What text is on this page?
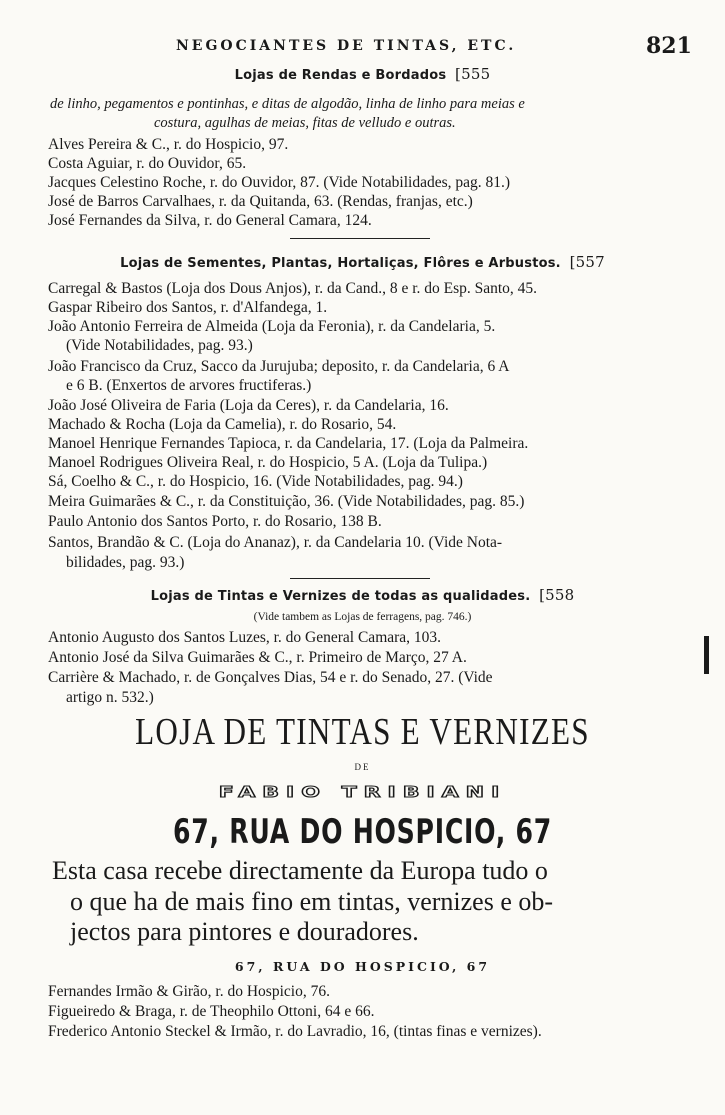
NEGOCIANTES DE TINTAS, ETC.	821
Lojas de Rendas e Bordados [555
de linho, pegamentos e pontinhas, e ditas de algodão, linha de linho para meias e
costura, agulhas de meias, fitas de velludo e outras.
Alves Pereira & C., r. do Hospicio, 97.
Costa Aguiar, r. do Ouvidor, 65.
Jacques Celestino Roche, r. do Ouvidor, 87. (Vide Notabilidades, pag. 81.)
José de Barros Carvalhaes, r. da Quitanda, 63. (Rendas, franjas, etc.)
José Fernandes da Silva, r. do General Camara, 124.
Lojas de Sementes, Plantas, Hortaliças, Flôres e Arbustos. [557
Carregal & Bastos (Loja dos Dous Anjos), r. da Cand., 8 e r. do Esp. Santo, 45.
Gaspar Ribeiro dos Santos, r. d'Alfandega, 1.
João Antonio Ferreira de Almeida (Loja da Feronia), r. da Candelaria, 5.
(Vide Notabilidades, pag. 93.)
João Francisco da Cruz, Sacco da Jurujuba; deposito, r. da Candelaria, 6 A
e 6 B. (Enxertos de arvores fructiferas.)
João José Oliveira de Faria (Loja da Ceres), r. da Candelaria, 16.
Machado & Rocha (Loja da Camelia), r. do Rosario, 54.
Manoel Henrique Fernandes Tapioca, r. da Candelaria, 17. (Loja da Palmeira.
Manoel Rodrigues Oliveira Real, r. do Hospicio, 5 A. (Loja da Tulipa.)
Sá, Coelho & C., r. do Hospicio, 16. (Vide Notabilidades, pag. 94.)
Meira Guimarães & C., r. da Constituição, 36. (Vide Notabilidades, pag. 85.)
Paulo Antonio dos Santos Porto, r. do Rosario, 138 B.
Santos, Brandão & C. (Loja do Ananaz), r. da Candelaria 10. (Vide Nota-
bilidades, pag. 93.)
Lojas de Tintas e Vernizes de todas as qualidades. [558
(Vide tambem as Lojas de ferragens, pag. 746.)
Antonio Augusto dos Santos Luzes, r. do General Camara, 103.
Antonio José da Silva Guimarães & C., r. Primeiro de Março, 27 A.
Carrière & Machado, r. de Gonçalves Dias, 54 e r. do Senado, 27. (Vide
artigo n. 532.)
LOJA DE TINTAS E VERNIZES
DE
FABIO TRIBIANI
67, RUA DO HOSPICIO, 67
Esta casa recebe directamente da Europa tudo o
o que ha de mais fino em tintas, vernizes e ob-
jectos para pintores e douradores.
67, RUA DO HOSPICIO, 67
Fernandes Irmão & Girão, r. do Hospicio, 76.
Figueiredo & Braga, r. de Theophilo Ottoni, 64 e 66.
Frederico Antonio Steckel & Irmão, r. do Lavradio, 16, (tintas finas e vernizes).
